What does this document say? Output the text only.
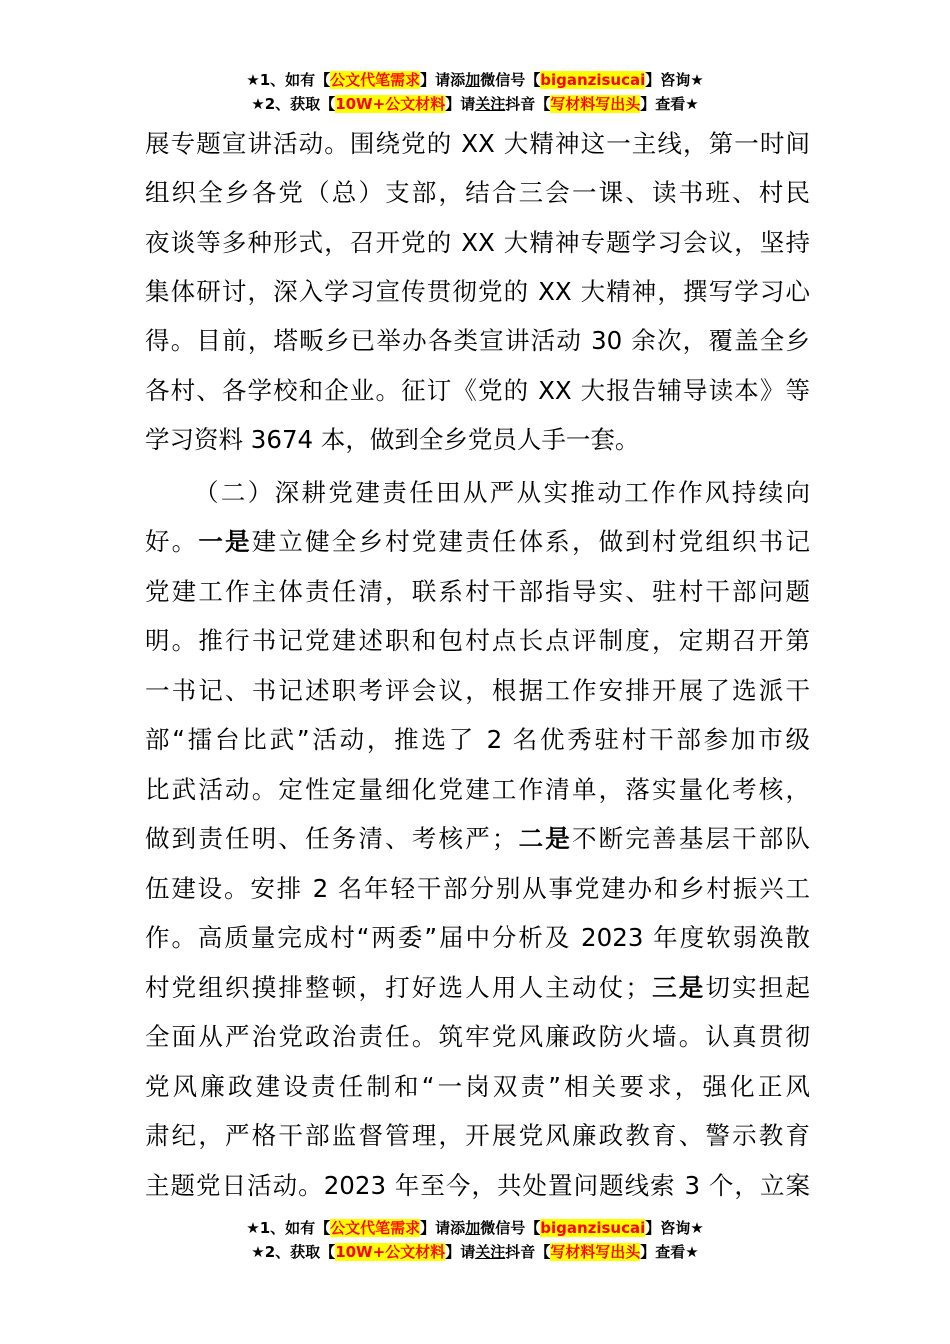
★1、如有【公文代笔需求】请添加微信号【biganzisucai】咨询★
★2、获取【10W+公文材料】请关注抖音【写材料写出头】查看★
展专题宣讲活动。围绕党的 XX 大精神这一主线，第一时间
组织全乡各党（总）支部，结合三会一课、读书班、村民
夜谈等多种形式，召开党的 XX 大精神专题学习会议，坚持
集体研讨，深入学习宣传贯彻党的 XX 大精神，撰写学习心
得。目前，塔畈乡已举办各类宣讲活动 30 余次，覆盖全乡
各村、各学校和企业。征订《党的 XX 大报告辅导读本》等
学习资料 3674 本，做到全乡党员人手一套。
（二）深耕党建责任田从严从实推动工作作风持续向
好。一是建立健全乡村党建责任体系，做到村党组织书记
党建工作主体责任清，联系村干部指导实、驻村干部问题
明。推行书记党建述职和包村点长点评制度，定期召开第
一书记、书记述职考评会议，根据工作安排开展了选派干
部“擂台比武”活动，推选了 2 名优秀驻村干部参加市级
比武活动。定性定量细化党建工作清单，落实量化考核，
做到责任明、任务清、考核严；二是不断完善基层干部队
伍建设。安排 2 名年轻干部分别从事党建办和乡村振兴工
作。高质量完成村“两委”届中分析及 2023 年度软弱涣散
村党组织摸排整顿，打好选人用人主动仗；三是切实担起
全面从严治党政治责任。筑牢党风廉政防火墙。认真贯彻
党风廉政建设责任制和“一岗双责”相关要求，强化正风
肃纪，严格干部监督管理，开展党风廉政教育、警示教育
主题党日活动。2023 年至今，共处置问题线索 3 个，立案
★1、如有【公文代笔需求】请添加微信号【biganzisucai】咨询★
★2、获取【10W+公文材料】请关注抖音【写材料写出头】查看★
